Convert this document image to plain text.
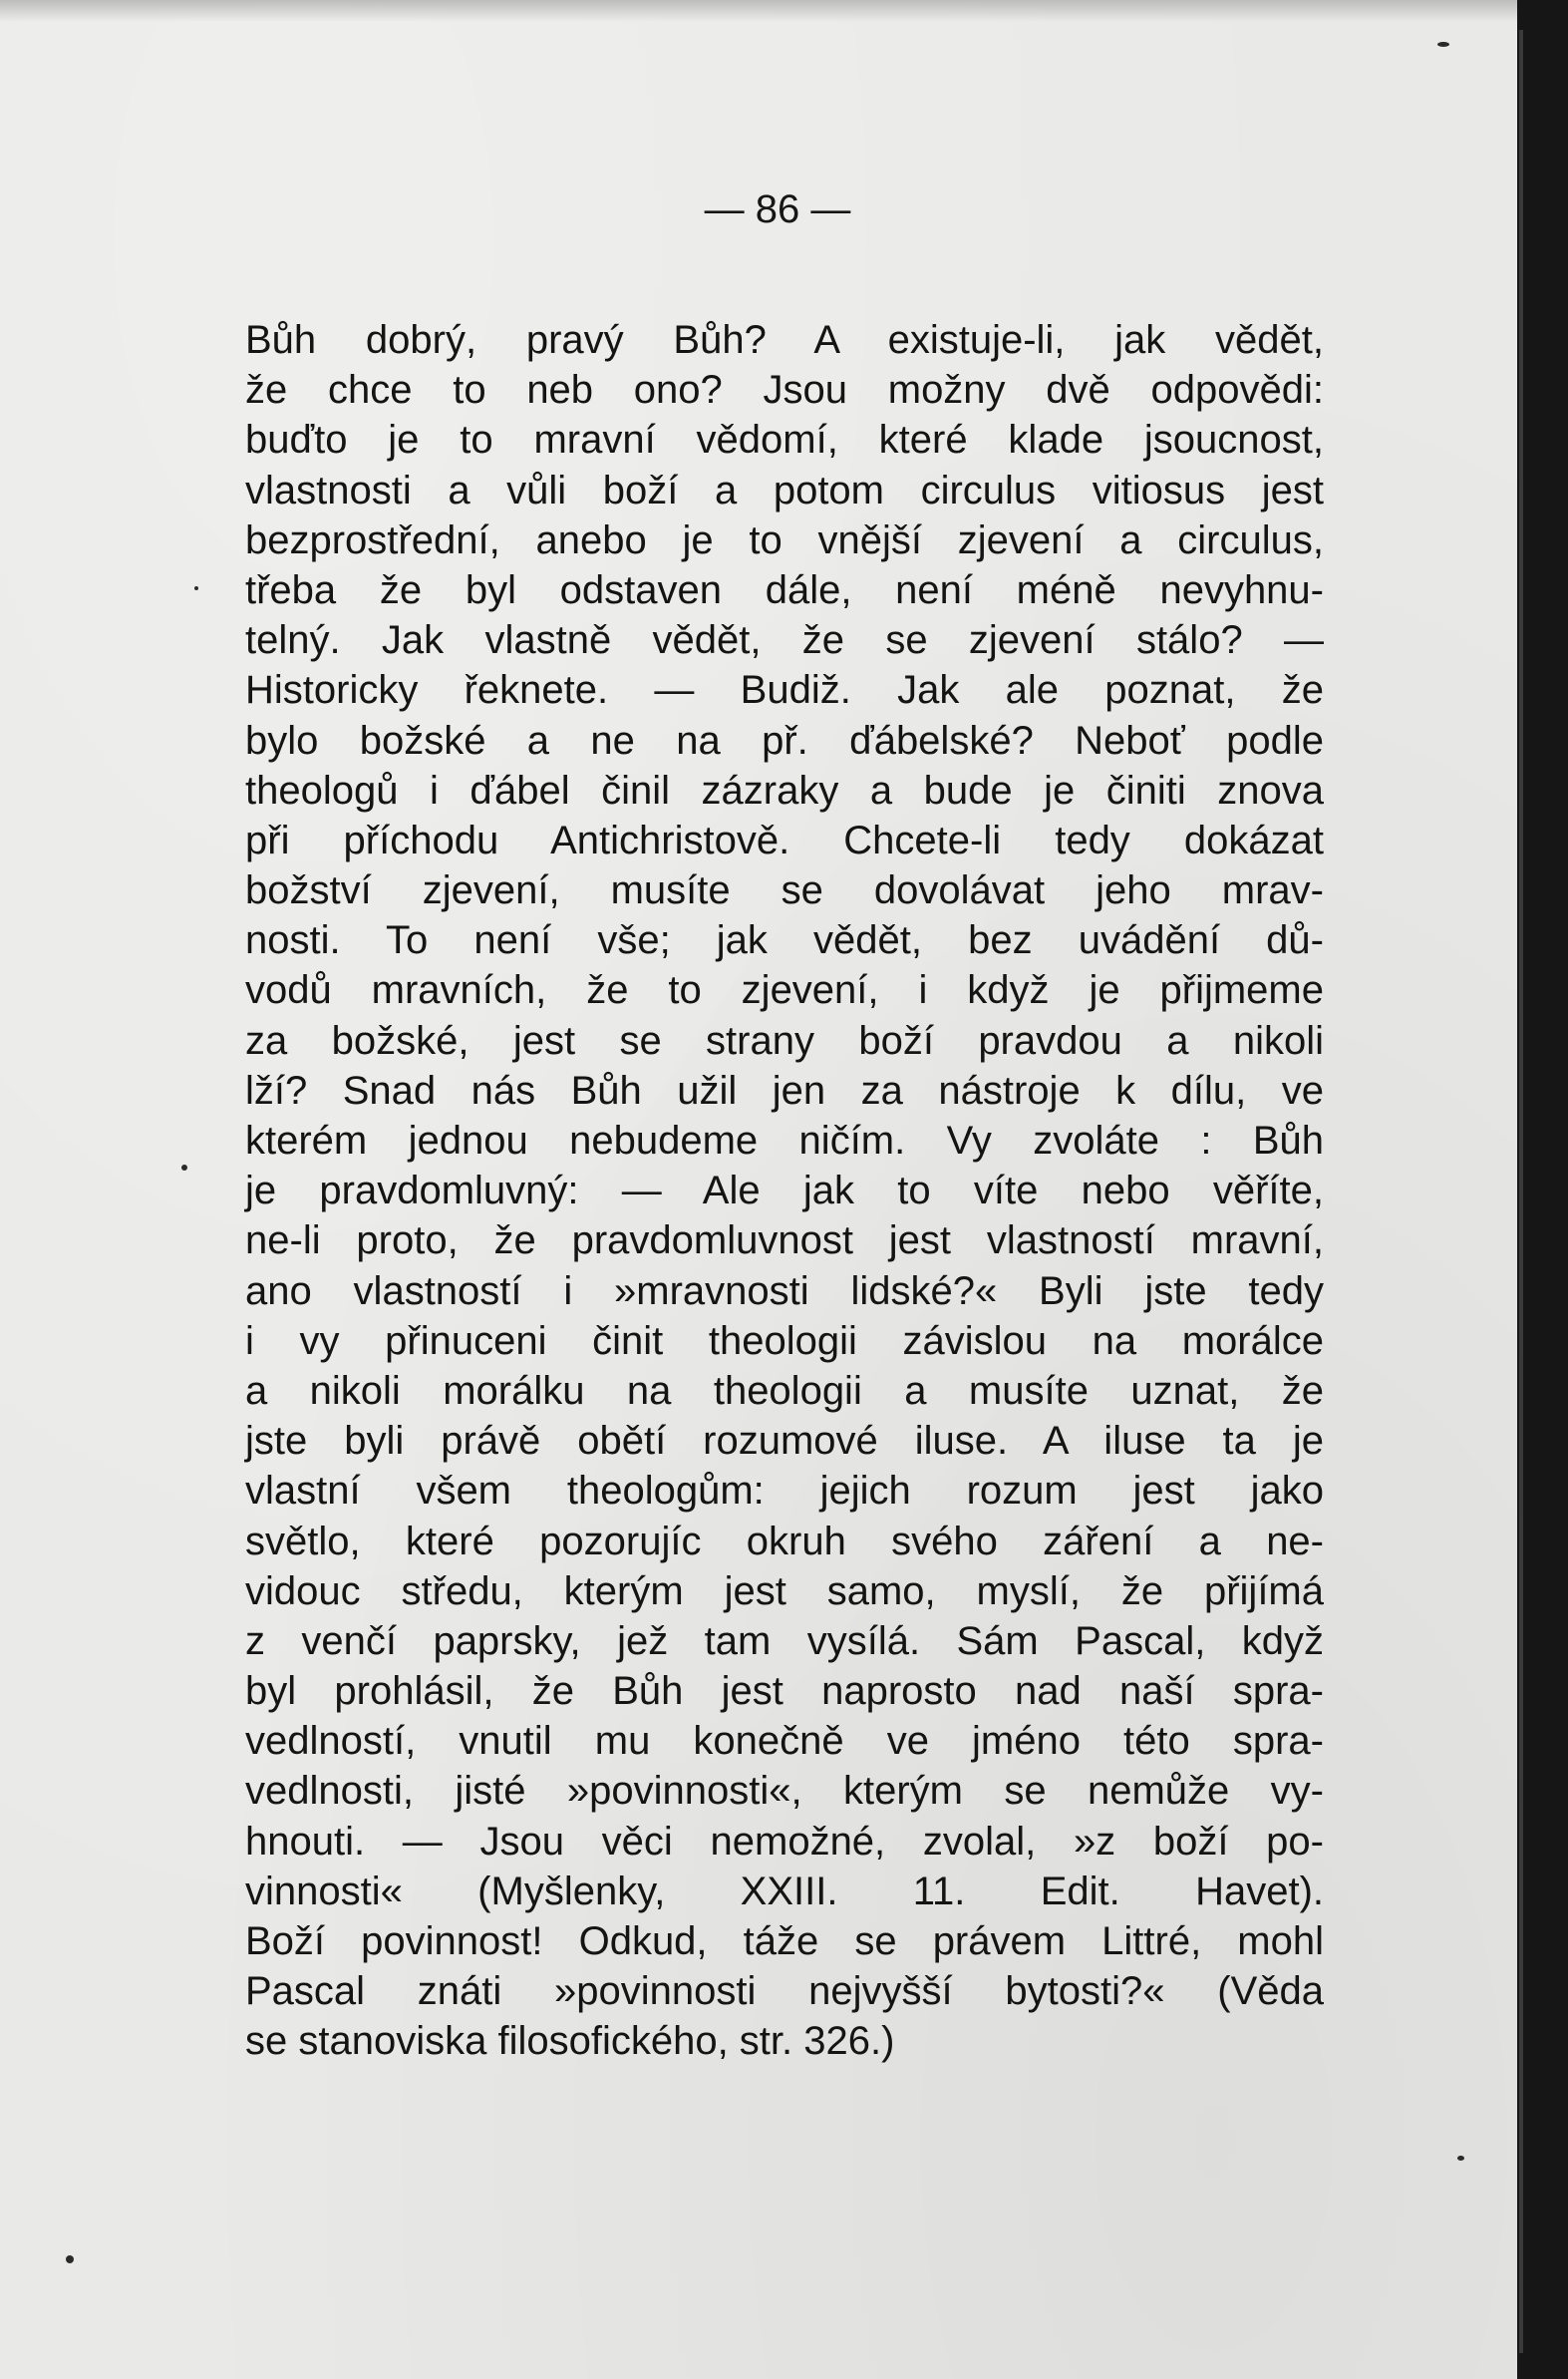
— 86 —
Bůh dobrý, pravý Bůh? A existuje-li, jak vědět,
že chce to neb ono? Jsou možny dvě odpovědi:
buďto je to mravní vědomí, které klade jsoucnost,
vlastnosti a vůli boží a potom circulus vitiosus jest
bezprostřední, anebo je to vnější zjevení a circulus,
třeba že byl odstaven dále, není méně nevyhnu-
telný. Jak vlastně vědět, že se zjevení stálo? —
Historicky řeknete. — Budiž. Jak ale poznat, že
bylo božské a ne na př. ďábelské? Neboť podle
theologů i ďábel činil zázraky a bude je činiti znova
při příchodu Antichristově. Chcete-li tedy dokázat
božství zjevení, musíte se dovolávat jeho mrav-
nosti. To není vše; jak vědět, bez uvádění dů-
vodů mravních, že to zjevení, i když je přijmeme
za božské, jest se strany boží pravdou a nikoli
lží? Snad nás Bůh užil jen za nástroje k dílu, ve
kterém jednou nebudeme ničím. Vy zvoláte : Bůh
je pravdomluvný: — Ale jak to víte nebo věříte,
ne-li proto, že pravdomluvnost jest vlastností mravní,
ano vlastností i »mravnosti lidské?« Byli jste tedy
i vy přinuceni činit theologii závislou na morálce
a nikoli morálku na theologii a musíte uznat, že
jste byli právě obětí rozumové iluse. A iluse ta je
vlastní všem theologům: jejich rozum jest jako
světlo, které pozorujíc okruh svého záření a ne-
vidouc středu, kterým jest samo, myslí, že přijímá
z venčí paprsky, jež tam vysílá. Sám Pascal, když
byl prohlásil, že Bůh jest naprosto nad naší spra-
vedlností, vnutil mu konečně ve jméno této spra-
vedlnosti, jisté »povinnosti«, kterým se nemůže vy-
hnouti. — Jsou věci nemožné, zvolal, »z boží po-
vinnosti« (Myšlenky, XXIII. 11. Edit. Havet).
Boží povinnost! Odkud, táže se právem Littré, mohl
Pascal znáti »povinnosti nejvyšší bytosti?« (Věda
se stanoviska filosofického, str. 326.)
